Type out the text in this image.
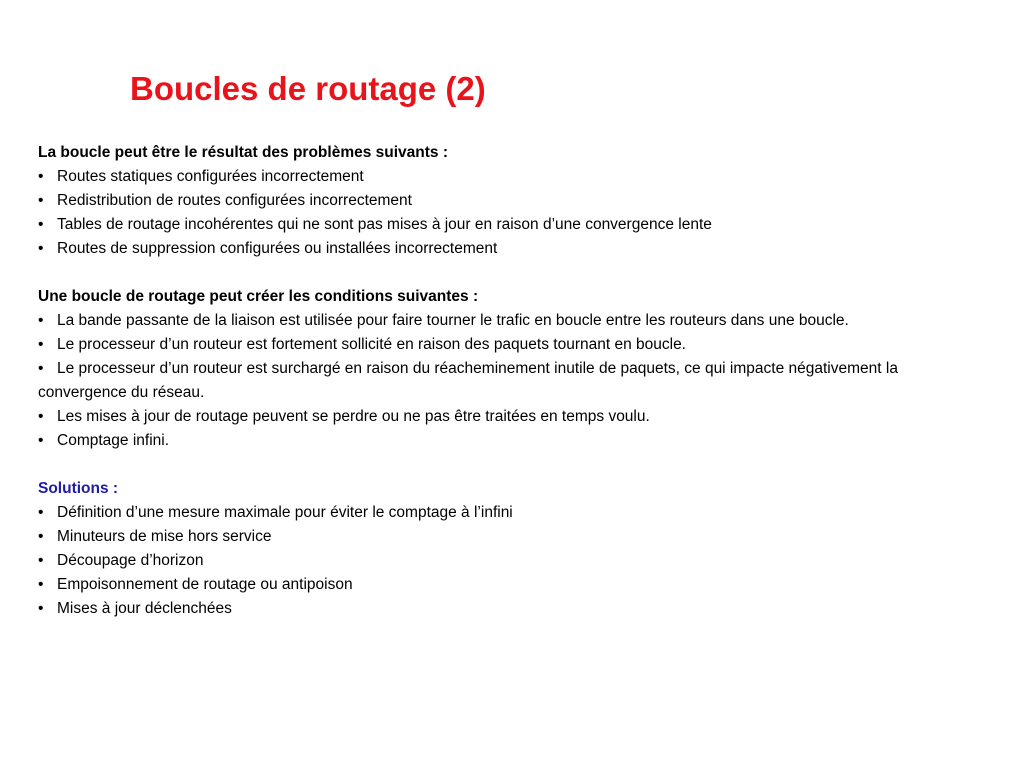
Boucles de routage (2)
La boucle peut être le résultat des problèmes suivants :
• Routes statiques configurées incorrectement
• Redistribution de routes configurées incorrectement
• Tables de routage incohérentes qui ne sont pas mises à jour en raison d’une convergence lente
• Routes de suppression configurées ou installées incorrectement
Une boucle de routage peut créer les conditions suivantes :
• La bande passante de la liaison est utilisée pour faire tourner le trafic en boucle entre les routeurs dans une boucle.
• Le processeur d’un routeur est fortement sollicité en raison des paquets tournant en boucle.
• Le processeur d’un routeur est surchargé en raison du réacheminement inutile de paquets, ce qui impacte négativement la convergence du réseau.
• Les mises à jour de routage peuvent se perdre ou ne pas être traitées en temps voulu.
• Comptage infini.
Solutions :
• Définition d’une mesure maximale pour éviter le comptage à l’infini
• Minuteurs de mise hors service
• Découpage d’horizon
• Empoisonnement de routage ou antipoison
• Mises à jour déclenchées
